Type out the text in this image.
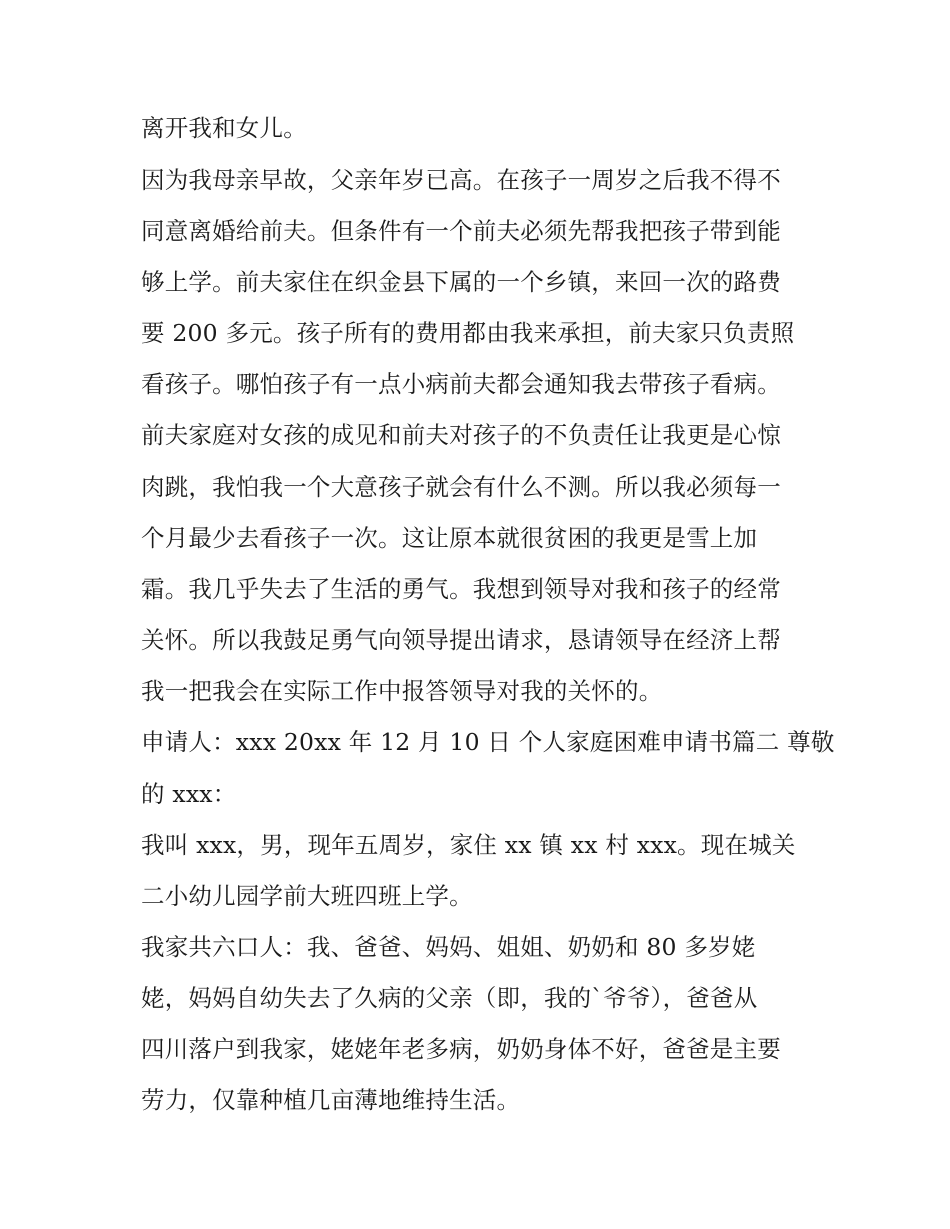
离开我和女儿。
因为我母亲早故，父亲年岁已高。在孩子一周岁之后我不得不
同意离婚给前夫。但条件有一个前夫必须先帮我把孩子带到能
够上学。前夫家住在织金县下属的一个乡镇，来回一次的路费
要 200 多元。孩子所有的费用都由我来承担，前夫家只负责照
看孩子。哪怕孩子有一点小病前夫都会通知我去带孩子看病。
前夫家庭对女孩的成见和前夫对孩子的不负责任让我更是心惊
肉跳，我怕我一个大意孩子就会有什么不测。所以我必须每一
个月最少去看孩子一次。这让原本就很贫困的我更是雪上加
霜。我几乎失去了生活的勇气。我想到领导对我和孩子的经常
关怀。所以我鼓足勇气向领导提出请求，恳请领导在经济上帮
我一把我会在实际工作中报答领导对我的关怀的。
申请人：xxx 20xx 年 12 月 10 日 个人家庭困难申请书篇二 尊敬
的 xxx：
我叫 xxx，男，现年五周岁，家住 xx 镇 xx 村 xxx。现在城关
二小幼儿园学前大班四班上学。
我家共六口人：我、爸爸、妈妈、姐姐、奶奶和 80 多岁姥
姥，妈妈自幼失去了久病的父亲（即，我的`爷爷），爸爸从
四川落户到我家，姥姥年老多病，奶奶身体不好，爸爸是主要
劳力，仅靠种植几亩薄地维持生活。
